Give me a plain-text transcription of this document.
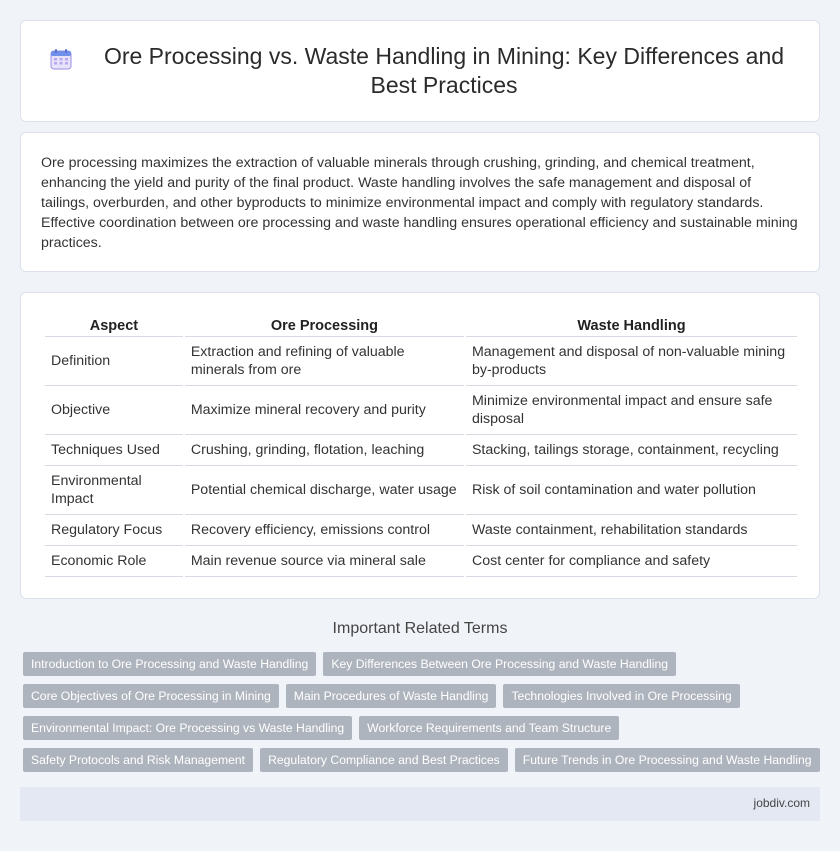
Ore Processing vs. Waste Handling in Mining: Key Differences and Best Practices

Ore processing maximizes the extraction of valuable minerals through crushing, grinding, and chemical treatment, enhancing the yield and purity of the final product. Waste handling involves the safe management and disposal of tailings, overburden, and other byproducts to minimize environmental impact and comply with regulatory standards. Effective coordination between ore processing and waste handling ensures operational efficiency and sustainable mining practices.

Aspect	Ore Processing	Waste Handling
Definition	Extraction and refining of valuable minerals from ore	Management and disposal of non-valuable mining by-products
Objective	Maximize mineral recovery and purity	Minimize environmental impact and ensure safe disposal
Techniques Used	Crushing, grinding, flotation, leaching	Stacking, tailings storage, containment, recycling
Environmental Impact	Potential chemical discharge, water usage	Risk of soil contamination and water pollution
Regulatory Focus	Recovery efficiency, emissions control	Waste containment, rehabilitation standards
Economic Role	Main revenue source via mineral sale	Cost center for compliance and safety
Important Related Terms
Introduction to Ore Processing and Waste Handling	Key Differences Between Ore Processing and Waste Handling
Core Objectives of Ore Processing in Mining	Main Procedures of Waste Handling	Technologies Involved in Ore Processing
Environmental Impact: Ore Processing vs Waste Handling	Workforce Requirements and Team Structure
Safety Protocols and Risk Management	Regulatory Compliance and Best Practices	Future Trends in Ore Processing and Waste Handling
jobdiv.com
